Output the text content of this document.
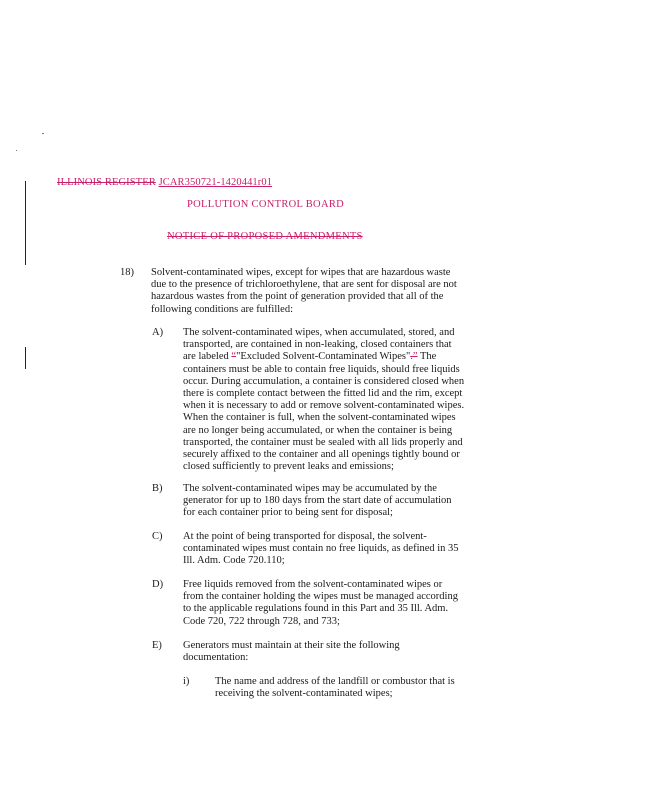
ILLINOIS REGISTER JCAR350721-1420441r01
POLLUTION CONTROL BOARD
NOTICE OF PROPOSED AMENDMENTS
18) Solvent-contaminated wipes, except for wipes that are hazardous waste due to the presence of trichloroethylene, that are sent for disposal are not hazardous wastes from the point of generation provided that all of the following conditions are fulfilled:
A) The solvent-contaminated wipes, when accumulated, stored, and transported, are contained in non-leaking, closed containers that are labeled “"Excluded Solvent-Contaminated Wipes".” The containers must be able to contain free liquids, should free liquids occur. During accumulation, a container is considered closed when there is complete contact between the fitted lid and the rim, except when it is necessary to add or remove solvent-contaminated wipes. When the container is full, when the solvent-contaminated wipes are no longer being accumulated, or when the container is being transported, the container must be sealed with all lids properly and securely affixed to the container and all openings tightly bound or closed sufficiently to prevent leaks and emissions;
B) The solvent-contaminated wipes may be accumulated by the generator for up to 180 days from the start date of accumulation for each container prior to being sent for disposal;
C) At the point of being transported for disposal, the solvent-contaminated wipes must contain no free liquids, as defined in 35 Ill. Adm. Code 720.110;
D) Free liquids removed from the solvent-contaminated wipes or from the container holding the wipes must be managed according to the applicable regulations found in this Part and 35 Ill. Adm. Code 720, 722 through 728, and 733;
E) Generators must maintain at their site the following documentation:
i) The name and address of the landfill or combustor that is receiving the solvent-contaminated wipes;
